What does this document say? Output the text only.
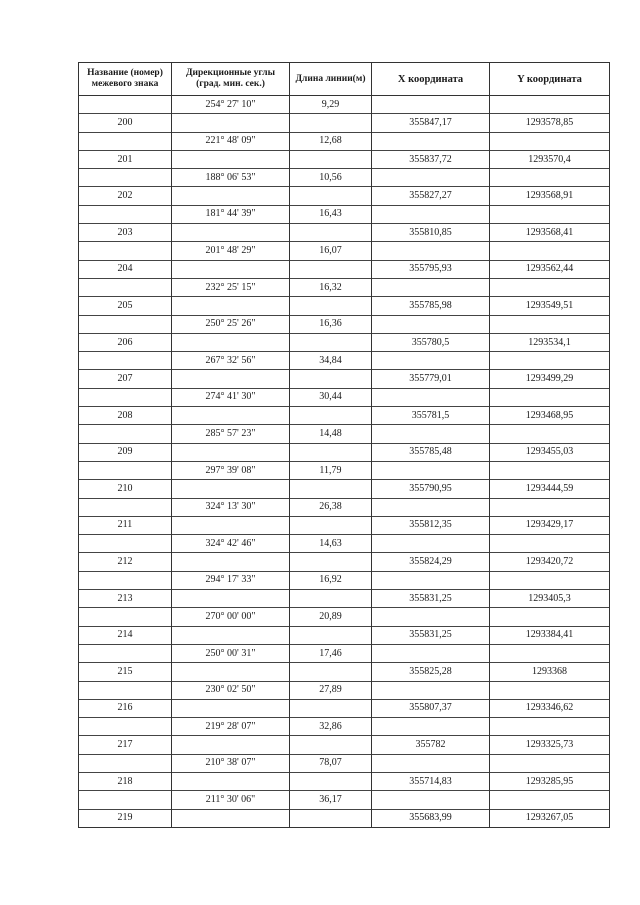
Название (номер) межевого знака	Дирекционные углы (град. мин. сек.)	Длина линии(м)	Х координата	Y координата
	254° 27' 10"	9,29		
200			355847,17	1293578,85
	221° 48' 09"	12,68		
201			355837,72	1293570,4
	188° 06' 53"	10,56		
202			355827,27	1293568,91
	181° 44' 39"	16,43		
203			355810,85	1293568,41
	201° 48' 29"	16,07		
204			355795,93	1293562,44
	232° 25' 15"	16,32		
205			355785,98	1293549,51
	250° 25' 26"	16,36		
206			355780,5	1293534,1
	267° 32' 56"	34,84		
207			355779,01	1293499,29
	274° 41' 30"	30,44		
208			355781,5	1293468,95
	285° 57' 23"	14,48		
209			355785,48	1293455,03
	297° 39' 08"	11,79		
210			355790,95	1293444,59
	324° 13' 30"	26,38		
211			355812,35	1293429,17
	324° 42' 46"	14,63		
212			355824,29	1293420,72
	294° 17' 33"	16,92		
213			355831,25	1293405,3
	270° 00' 00"	20,89		
214			355831,25	1293384,41
	250° 00' 31"	17,46		
215			355825,28	1293368
	230° 02' 50"	27,89		
216			355807,37	1293346,62
	219° 28' 07"	32,86		
217			355782	1293325,73
	210° 38' 07"	78,07		
218			355714,83	1293285,95
	211° 30' 06"	36,17		
219			355683,99	1293267,05
